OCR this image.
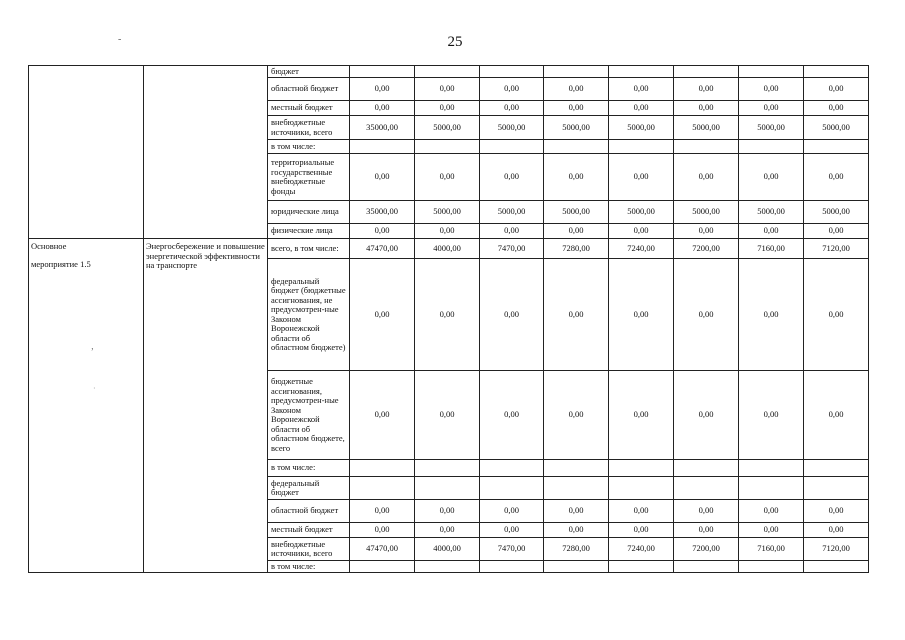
25
-
ʼ
·
		бюджет								
		областной бюджет	0,00	0,00	0,00	0,00	0,00	0,00	0,00	0,00
		местный бюджет	0,00	0,00	0,00	0,00	0,00	0,00	0,00	0,00
		внебюджетные источники, всего	35000,00	5000,00	5000,00	5000,00	5000,00	5000,00	5000,00	5000,00
		в том числе:								
		территориальные государственные внебюджетные фонды	0,00	0,00	0,00	0,00	0,00	0,00	0,00	0,00
		юридические лица	35000,00	5000,00	5000,00	5000,00	5000,00	5000,00	5000,00	5000,00
		физические лица	0,00	0,00	0,00	0,00	0,00	0,00	0,00	0,00
Основное
мероприятие 1.5	Энергосбережение и повышение энергетической эффективности на транспорте	всего, в том числе:	47470,00	4000,00	7470,00	7280,00	7240,00	7200,00	7160,00	7120,00
		федеральный бюджет (бюджетные ассигнования, не предусмотрен-ные Законом Воронежской области об областном бюджете)	0,00	0,00	0,00	0,00	0,00	0,00	0,00	0,00
		бюджетные ассигнования, предусмотрен-ные Законом Воронежской области об областном бюджете, всего	0,00	0,00	0,00	0,00	0,00	0,00	0,00	0,00
		в том числе:								
		федеральный бюджет								
		областной бюджет	0,00	0,00	0,00	0,00	0,00	0,00	0,00	0,00
		местный бюджет	0,00	0,00	0,00	0,00	0,00	0,00	0,00	0,00
		внебюджетные источники, всего	47470,00	4000,00	7470,00	7280,00	7240,00	7200,00	7160,00	7120,00
		в том числе:								
